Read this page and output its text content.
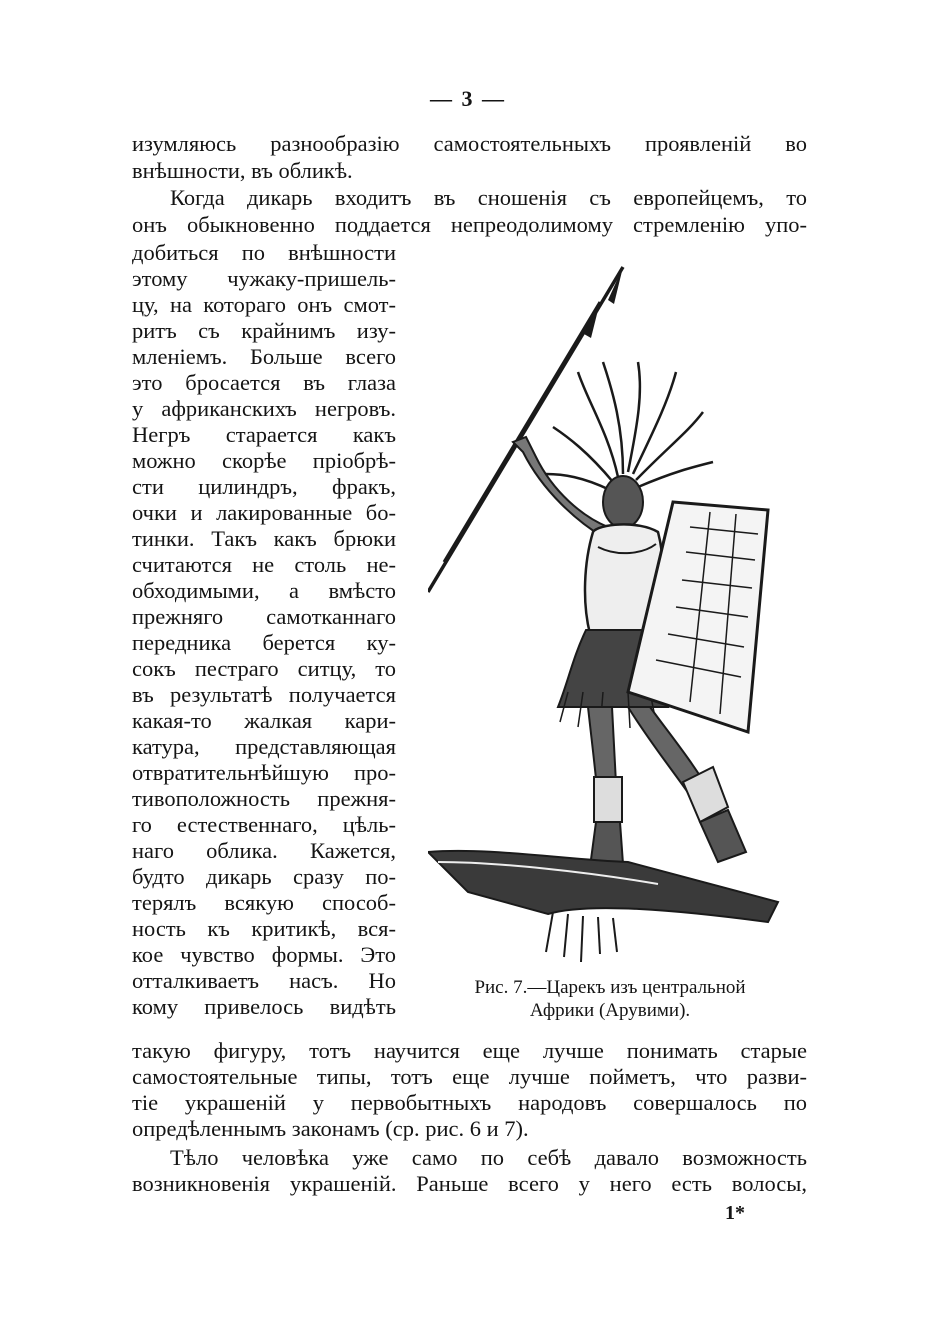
— 3 —
изумляюсь разнообразію самостоятельныхъ проявленій во
внѣшности, въ обликѣ.
Когда дикарь входитъ въ сношенія съ европейцемъ, то
онъ обыкновенно поддается непреодолимому стремленію упо-
добиться по внѣшности
этому чужаку-пришель-
цу, на котораго онъ смот-
ритъ съ крайнимъ изу-
мленіемъ. Больше всего
это бросается въ глаза
у африканскихъ негровъ.
Негръ старается какъ
можно скорѣе пріобрѣ-
сти цилиндръ, фракъ,
очки и лакированные бо-
тинки. Такъ какъ брюки
считаются не столь не-
обходимыми, а вмѣсто
прежняго самотканнаго
передника берется ку-
сокъ пестраго ситцу, то
въ результатѣ получается
какая-то жалкая кари-
катура, представляющая
отвратительнѣйшую про-
тивоположность прежня-
го естественнаго, цѣль-
наго облика. Кажется,
будто дикарь сразу по-
терялъ всякую способ-
ность къ критикѣ, вся-
кое чувство формы. Это
отталкиваетъ насъ. Но
кому привелось видѣть
Рис. 7.—Царекъ изъ центральной
Африки (Арувими).
такую фигуру, тотъ научится еще лучше понимать старые
самостоятельные типы, тотъ еще лучше пойметъ, что разви-
тіе украшеній у первобытныхъ народовъ совершалось по
опредѣленнымъ законамъ (ср. рис. 6 и 7).
Тѣло человѣка уже само по себѣ давало возможность
возникновенія украшеній. Раньше всего у него есть волосы,
1*
